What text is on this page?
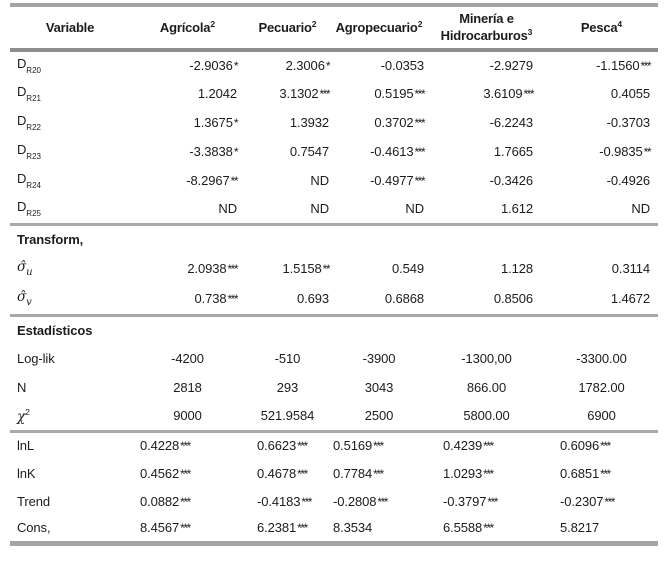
Variable	Agrícola$^2$	Pecuario$^2$	Agropecuario$^2$	Minería e Hidrocarburos$^3$	Pesca$^4$
$D_{R20}$	-2.9036*	2.3006*	-0.0353	-2.9279	-1.1560***
$D_{R21}$	1.2042	3.1302***	0.5195***	3.6109***	0.4055
$D_{R22}$	1.3675*	1.3932	0.3702***	-6.2243	-0.3703
$D_{R23}$	-3.3838*	0.7547	-0.4613***	1.7665	-0.9835**
$D_{R24}$	-8.2967**	ND	-0.4977***	-0.3426	-0.4926
$D_{R25}$	ND	ND	ND	1.612	ND
Transform,					
$\sigmâ_u$	2.0938***	1.5158**	0.549	1.128	0.3114
$\sigmâ_v$	0.738***	0.693	0.6868	0.8506	1.4672
Estadísticos					
Log-lik	-4200	-510	-3900	-1300,00	-3300.00
N	2818	293	3043	866.00	1782.00
$\chi^2$	9000	521.9584	2500	5800.00	6900
lnL	0.4228***	0.6623***	0.5169***	0.4239***	0.6096***
lnK	0.4562***	0.4678***	0.7784***	1.0293***	0.6851***
Trend	0.0882***	-0.4183***	-0.2808***	-0.3797***	-0.2307***
Cons,	8.4567***	6.2381***	8.3534	6.5588***	5.8217
